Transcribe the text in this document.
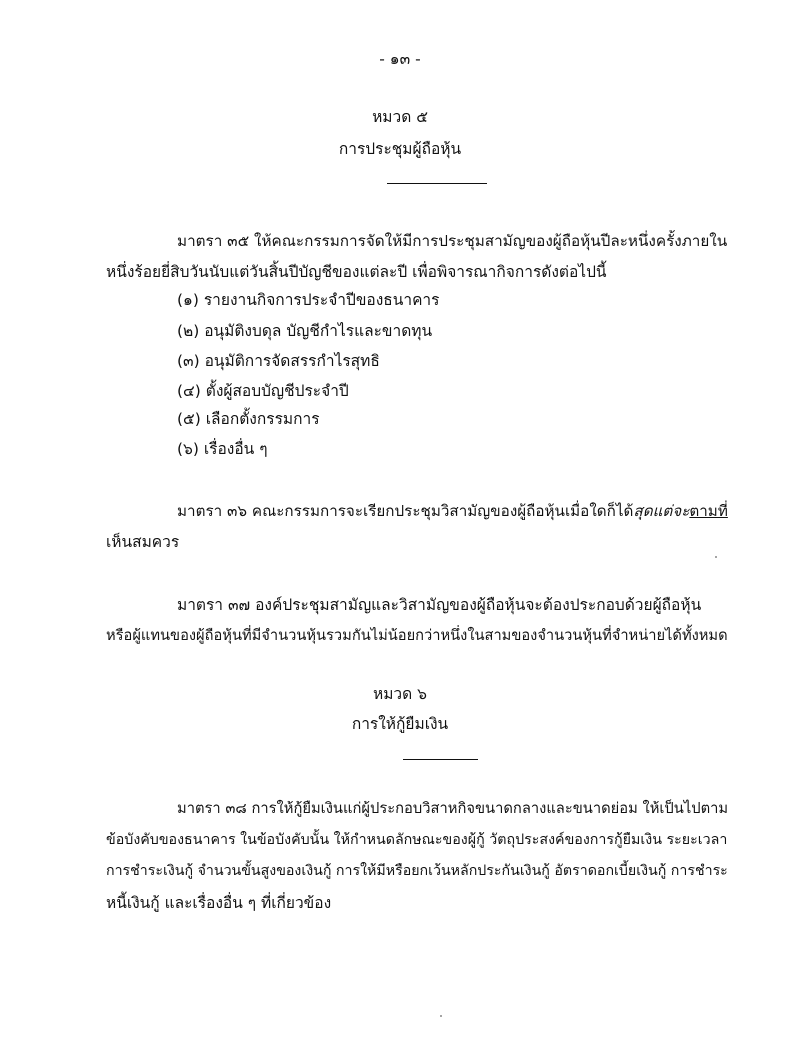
- ๑๓ -
หมวด ๕
การประชุมผู้ถือหุ้น
มาตรา ๓๕ ให้คณะกรรมการจัดให้มีการประชุมสามัญของผู้ถือหุ้นปีละหนึ่งครั้งภายใน
หนึ่งร้อยยี่สิบวันนับแต่วันสิ้นปีบัญชีของแต่ละปี เพื่อพิจารณากิจการดังต่อไปนี้
(๑) รายงานกิจการประจำปีของธนาคาร
(๒) อนุมัติงบดุล บัญชีกำไรและขาดทุน
(๓) อนุมัติการจัดสรรกำไรสุทธิ
(๔) ตั้งผู้สอบบัญชีประจำปี
(๕) เลือกตั้งกรรมการ
(๖) เรื่องอื่น ๆ
มาตรา ๓๖ คณะกรรมการจะเรียกประชุมวิสามัญของผู้ถือหุ้นเมื่อใดก็ได้สุดแต่จะตามที่
เห็นสมควร
มาตรา ๓๗ องค์ประชุมสามัญและวิสามัญของผู้ถือหุ้นจะต้องประกอบด้วยผู้ถือหุ้น
หรือผู้แทนของผู้ถือหุ้นที่มีจำนวนหุ้นรวมกันไม่น้อยกว่าหนึ่งในสามของจำนวนหุ้นที่จำหน่ายได้ทั้งหมด
หมวด ๖
การให้กู้ยืมเงิน
มาตรา ๓๘ การให้กู้ยืมเงินแก่ผู้ประกอบวิสาหกิจขนาดกลางและขนาดย่อม ให้เป็นไปตาม
ข้อบังคับของธนาคาร ในข้อบังคับนั้น ให้กำหนดลักษณะของผู้กู้ วัตถุประสงค์ของการกู้ยืมเงิน ระยะเวลา
การชำระเงินกู้ จำนวนขั้นสูงของเงินกู้ การให้มีหรือยกเว้นหลักประกันเงินกู้ อัตราดอกเบี้ยเงินกู้ การชำระ
หนี้เงินกู้ และเรื่องอื่น ๆ ที่เกี่ยวข้อง
